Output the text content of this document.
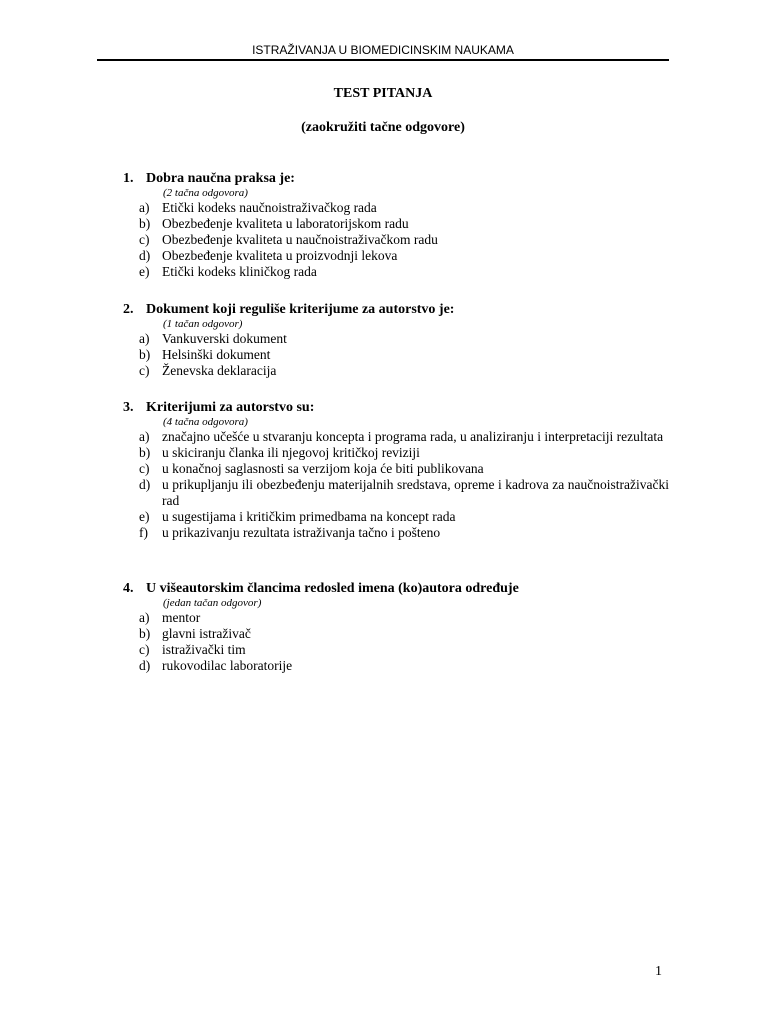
ISTRAŽIVANJA U BIOMEDICINSKIM NAUKAMA
TEST PITANJA
(zaokružiti tačne odgovore)
1. Dobra naučna praksa je:
(2 tačna odgovora)
a) Etički kodeks naučnoistraživačkog rada
b) Obezbeđenje kvaliteta u laboratorijskom radu
c) Obezbeđenje kvaliteta u naučnoistraživačkom radu
d) Obezbeđenje kvaliteta u proizvodnji lekova
e) Etički kodeks kliničkog rada
2. Dokument koji reguliše kriterijume za autorstvo je:
(1 tačan odgovor)
a) Vankuverski dokument
b) Helsinški dokument
c) Ženevska deklaracija
3. Kriterijumi za autorstvo su:
(4 tačna odgovora)
a) značajno učešće u stvaranju koncepta i programa rada, u analiziranju i interpretaciji rezultata
b) u skiciranju članka ili njegovoj kritičkoj reviziji
c) u konačnoj saglasnosti sa verzijom koja će biti publikovana
d) u prikupljanju ili obezbeđenju materijalnih sredstava, opreme i kadrova za naučnoistraživački rad
e) u sugestijama i kritičkim primedbama na koncept rada
f)	u prikazivanju rezultata istraživanja tačno i pošteno
4. U višeautorskim člancima redosled imena (ko)autora određuje
(jedan tačan odgovor)
a) mentor
b) glavni istraživač
c) istraživački tim
d) rukovodilac laboratorije
1
